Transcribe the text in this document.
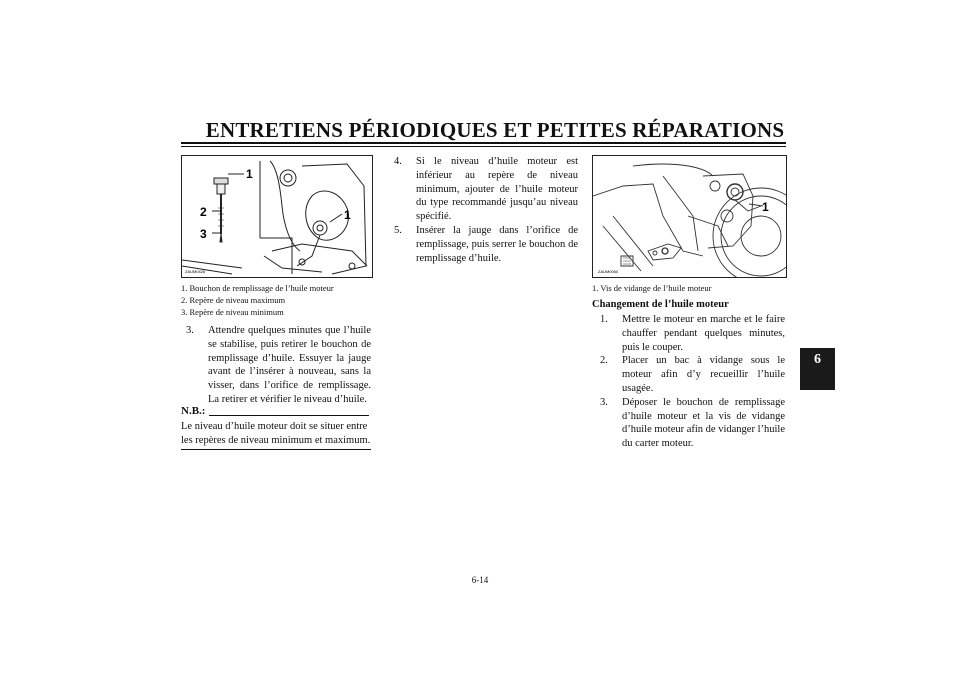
ENTRETIENS PÉRIODIQUES ET PETITES RÉPARATIONS
6
ZAUM0426
1
2
3
1
1. Bouchon de remplissage de l’huile moteur
2. Repère de niveau maximum
3. Repère de niveau minimum
3. Attendre quelques minutes que l’huile se stabilise, puis retirer le bouchon de remplissage d’huile. Essuyer la jauge avant de l’insérer à nouveau, sans la visser, dans l’orifice de remplissage. La retirer et vérifier le niveau d’huile.
N.B.:
Le niveau d’huile moteur doit se situer entre les repères de niveau minimum et maximum.
4. Si le niveau d’huile moteur est inférieur au repère de niveau minimum, ajouter de l’huile moteur du type recommandé jusqu’au niveau spécifié.
5. Insérer la jauge dans l’orifice de remplissage, puis serrer le bouchon de remplissage d’huile.
ZAUM0060
1
1. Vis de vidange de l’huile moteur
Changement de l’huile moteur
1. Mettre le moteur en marche et le faire chauffer pendant quelques minutes, puis le couper.
2. Placer un bac à vidange sous le moteur afin d’y recueillir l’huile usagée.
3. Déposer le bouchon de remplissage d’huile moteur et la vis de vidange d’huile moteur afin de vidanger l’huile du carter moteur.
6-14
